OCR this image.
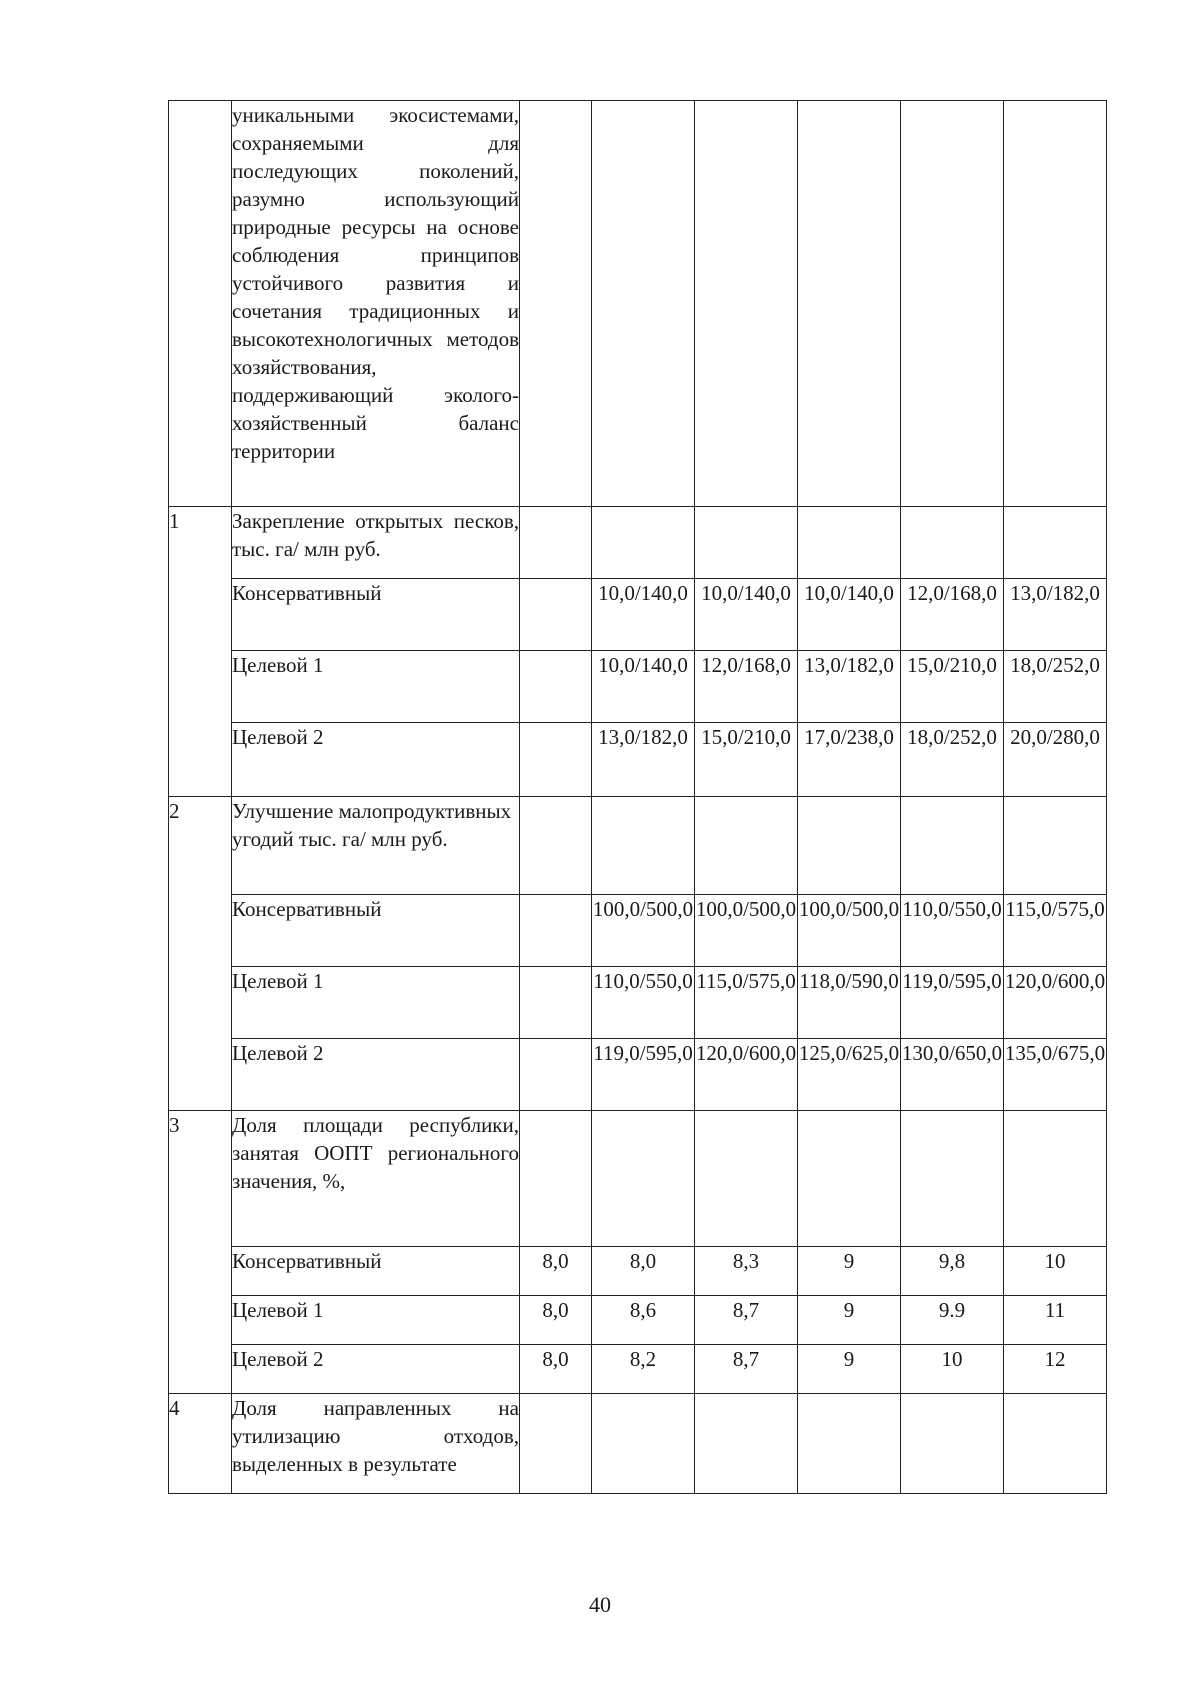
	уникальными экосистемами, сохраняемыми для последующих поколений, разумно использующий природные ресурсы на основе соблюдения принципов устойчивого развития и сочетания традиционных и высокотехнологичных методов хозяйствования, поддерживающий эколого-хозяйственный баланс территории						
1	Закрепление открытых песков, тыс. га/ млн руб.						
	Консервативный		10,0/140,0	10,0/140,0	10,0/140,0	12,0/168,0	13,0/182,0
	Целевой 1		10,0/140,0	12,0/168,0	13,0/182,0	15,0/210,0	18,0/252,0
	Целевой 2		13,0/182,0	15,0/210,0	17,0/238,0	18,0/252,0	20,0/280,0
2	Улучшение малопродуктивных угодий тыс. га/ млн руб.						
	Консервативный		100,0/500,0	100,0/500,0	100,0/500,0	110,0/550,0	115,0/575,0
	Целевой 1		110,0/550,0	115,0/575,0	118,0/590,0	119,0/595,0	120,0/600,0
	Целевой 2		119,0/595,0	120,0/600,0	125,0/625,0	130,0/650,0	135,0/675,0
3	Доля площади республики, занятая ООПТ регионального значения, %,						
	Консервативный	8,0	8,0	8,3	9	9,8	10
	Целевой 1	8,0	8,6	8,7	9	9.9	11
	Целевой 2	8,0	8,2	8,7	9	10	12
4	Доля направленных на утилизацию отходов, выделенных в результате						
40
